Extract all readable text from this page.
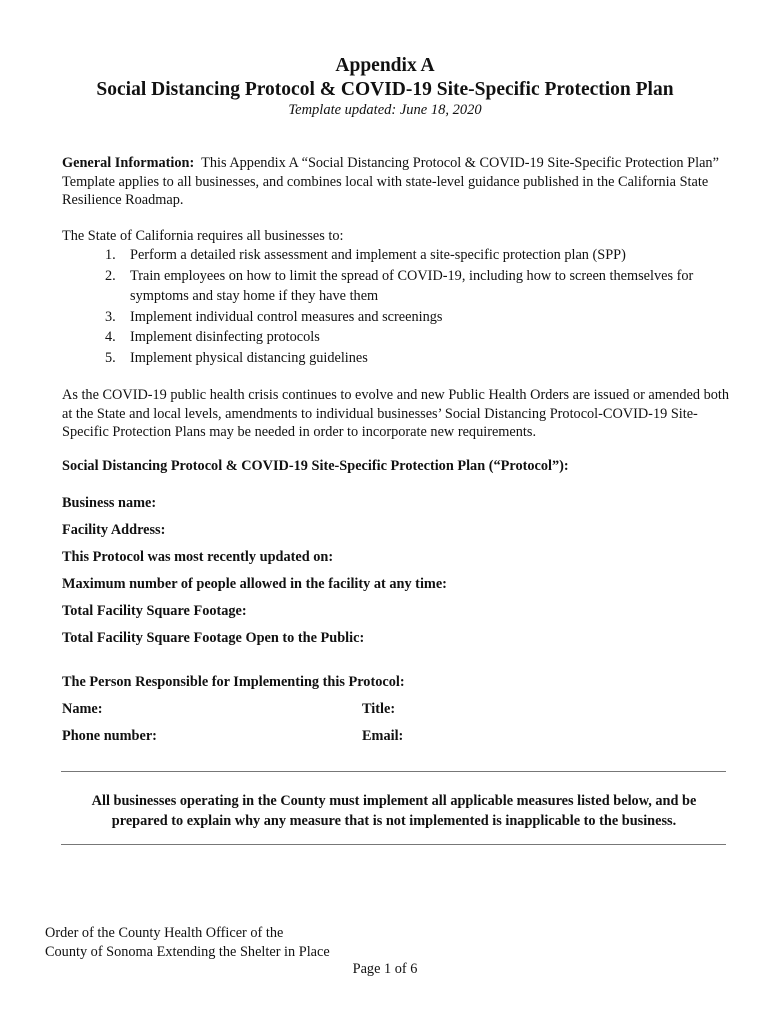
Appendix A
Social Distancing Protocol & COVID-19 Site-Specific Protection Plan
Template updated: June 18, 2020
General Information: This Appendix A “Social Distancing Protocol & COVID-19 Site-Specific Protection Plan” Template applies to all businesses, and combines local with state-level guidance published in the California State Resilience Roadmap.
The State of California requires all businesses to:
1. Perform a detailed risk assessment and implement a site-specific protection plan (SPP)
2. Train employees on how to limit the spread of COVID-19, including how to screen themselves for symptoms and stay home if they have them
3. Implement individual control measures and screenings
4. Implement disinfecting protocols
5. Implement physical distancing guidelines
As the COVID-19 public health crisis continues to evolve and new Public Health Orders are issued or amended both at the State and local levels, amendments to individual businesses’ Social Distancing Protocol-COVID-19 Site-Specific Protection Plans may be needed in order to incorporate new requirements.
Social Distancing Protocol & COVID-19 Site-Specific Protection Plan (“Protocol”):
Business name:
Facility Address:
This Protocol was most recently updated on:
Maximum number of people allowed in the facility at any time:
Total Facility Square Footage:
Total Facility Square Footage Open to the Public:
The Person Responsible for Implementing this Protocol:
Name:	Title:
Phone number:	Email:
All businesses operating in the County must implement all applicable measures listed below, and be prepared to explain why any measure that is not implemented is inapplicable to the business.
Order of the County Health Officer of the
County of Sonoma Extending the Shelter in Place
Page 1 of 6
